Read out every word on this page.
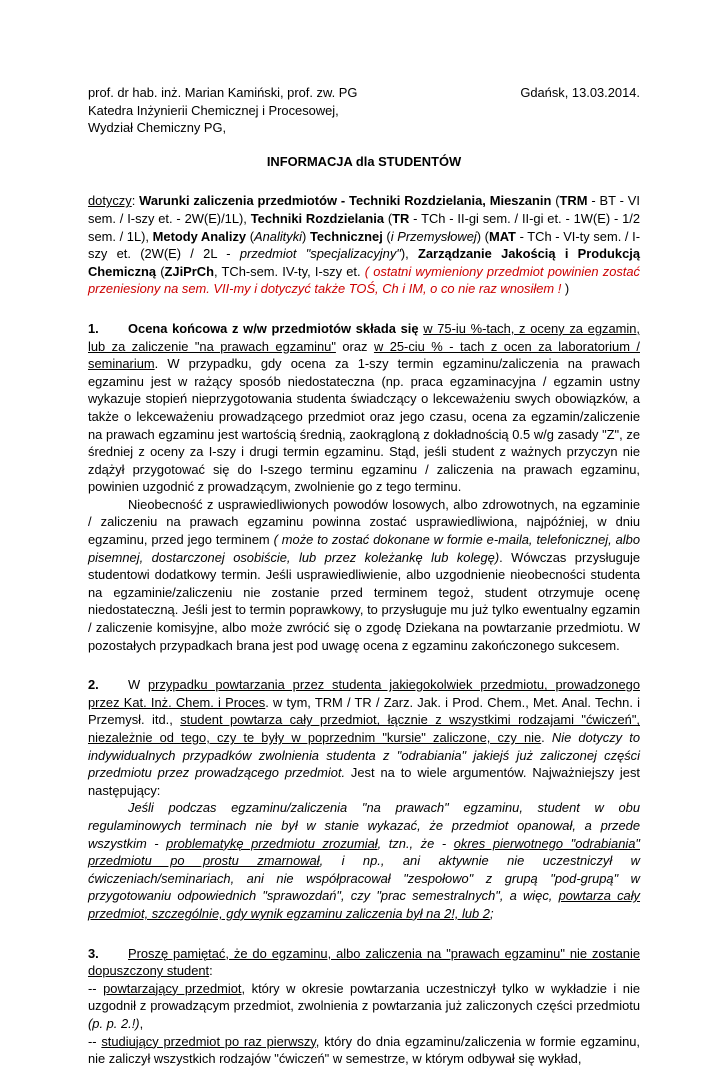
prof. dr hab. inż. Marian Kamiński, prof. zw. PG	Gdańsk, 13.03.2014.
Katedra Inżynierii Chemicznej i Procesowej,
Wydział Chemiczny PG,
INFORMACJA dla STUDENTÓW

dotyczy: Warunki zaliczenia przedmiotów - Techniki Rozdzielania, Mieszanin (TRM - BT - VI sem. / I-szy et. - 2W(E)/1L), Techniki Rozdzielania (TR - TCh - II-gi sem. / II-gi et. - 1W(E) - 1/2 sem. / 1L), Metody Analizy (Analityki) Technicznej (i Przemysłowej) (MAT - TCh - VI-ty sem. / I-szy et. (2W(E) / 2L - przedmiot "specjalizacyjny"), Zarządzanie Jakością i Produkcją Chemiczną (ZJiPrCh, TCh-sem. IV-ty, I-szy et. ( ostatni wymieniony przedmiot powinien zostać przeniesiony na sem. VII-my i dotyczyć także TOŚ, Ch i IM, o co nie raz wnosiłem ! )

1. Ocena końcowa z w/w przedmiotów składa się w 75-iu %-tach, z oceny za egzamin, lub za zaliczenie "na prawach egzaminu" oraz w 25-ciu % - tach z ocen za laboratorium / seminarium. W przypadku, gdy ocena za 1-szy termin egzaminu/zaliczenia na prawach egzaminu jest w rażący sposób niedostateczna (np. praca egzaminacyjna / egzamin ustny wykazuje stopień nieprzygotowania studenta świadczący o lekceważeniu swych obowiązków, a także o lekceważeniu prowadzącego przedmiot oraz jego czasu, ocena za egzamin/zaliczenie na prawach egzaminu jest wartością średnią, zaokrągloną z dokładnością 0.5 w/g zasady "Z", ze średniej z oceny za I-szy i drugi termin egzaminu. Stąd, jeśli student z ważnych przyczyn nie zdążył przygotować się do I-szego terminu egzaminu / zaliczenia na prawach egzaminu, powinien uzgodnić z prowadzącym, zwolnienie go z tego terminu.

Nieobecność z usprawiedliwionych powodów losowych, albo zdrowotnych, na egzaminie / zaliczeniu na prawach egzaminu powinna zostać usprawiedliwiona, najpóźniej, w dniu egzaminu, przed jego terminem ( może to zostać dokonane w formie e-maila, telefonicznej, albo pisemnej, dostarczonej osobiście, lub przez koleżankę lub kolegę). Wówczas przysługuje studentowi dodatkowy termin. Jeśli usprawiedliwienie, albo uzgodnienie nieobecności studenta na egzaminie/zaliczeniu nie zostanie przed terminem tegoż, student otrzymuje ocenę niedostateczną. Jeśli jest to termin poprawkowy, to przysługuje mu już tylko ewentualny egzamin / zaliczenie komisyjne, albo może zwrócić się o zgodę Dziekana na powtarzanie przedmiotu. W pozostałych przypadkach brana jest pod uwagę ocena z egzaminu zakończonego sukcesem.

2. W przypadku powtarzania przez studenta jakiegokolwiek przedmiotu, prowadzonego przez Kat. Inż. Chem. i Proces. w tym, TRM / TR / Zarz. Jak. i Prod. Chem., Met. Anal. Techn. i Przemysł. itd., student powtarza cały przedmiot, łącznie z wszystkimi rodzajami "ćwiczeń", niezależnie od tego, czy te były w poprzednim "kursie" zaliczone, czy nie. Nie dotyczy to indywidualnych przypadków zwolnienia studenta z "odrabiania" jakiejś już zaliczonej części przedmiotu przez prowadzącego przedmiot. Jest na to wiele argumentów. Najważniejszy jest następujący:

Jeśli podczas egzaminu/zaliczenia "na prawach" egzaminu, student w obu regulaminowych terminach nie był w stanie wykazać, że przedmiot opanował, a przede wszystkim - problematykę przedmiotu zrozumiał, tzn., że - okres pierwotnego "odrabiania" przedmiotu po prostu zmarnował, i np., ani aktywnie nie uczestniczył w ćwiczeniach/seminariach, ani nie współpracował "zespołowo" z grupą "pod-grupą" w przygotowaniu odpowiednich "sprawozdań", czy "prac semestralnych", a więc, powtarza cały przedmiot, szczególnie, gdy wynik egzaminu zaliczenia był na 2!, lub 2;

3. Proszę pamiętać, że do egzaminu, albo zaliczenia na "prawach egzaminu" nie zostanie dopuszczony student:

-- powtarzający przedmiot, który w okresie powtarzania uczestniczył tylko w wykładzie i nie uzgodnił z prowadzącym przedmiot, zwolnienia z powtarzania już zaliczonych części przedmiotu (p. p. 2.!),

-- studiujący przedmiot po raz pierwszy, który do dnia egzaminu/zaliczenia w formie egzaminu, nie zaliczył wszystkich rodzajów "ćwiczeń" w semestrze, w którym odbywał się wykład,
